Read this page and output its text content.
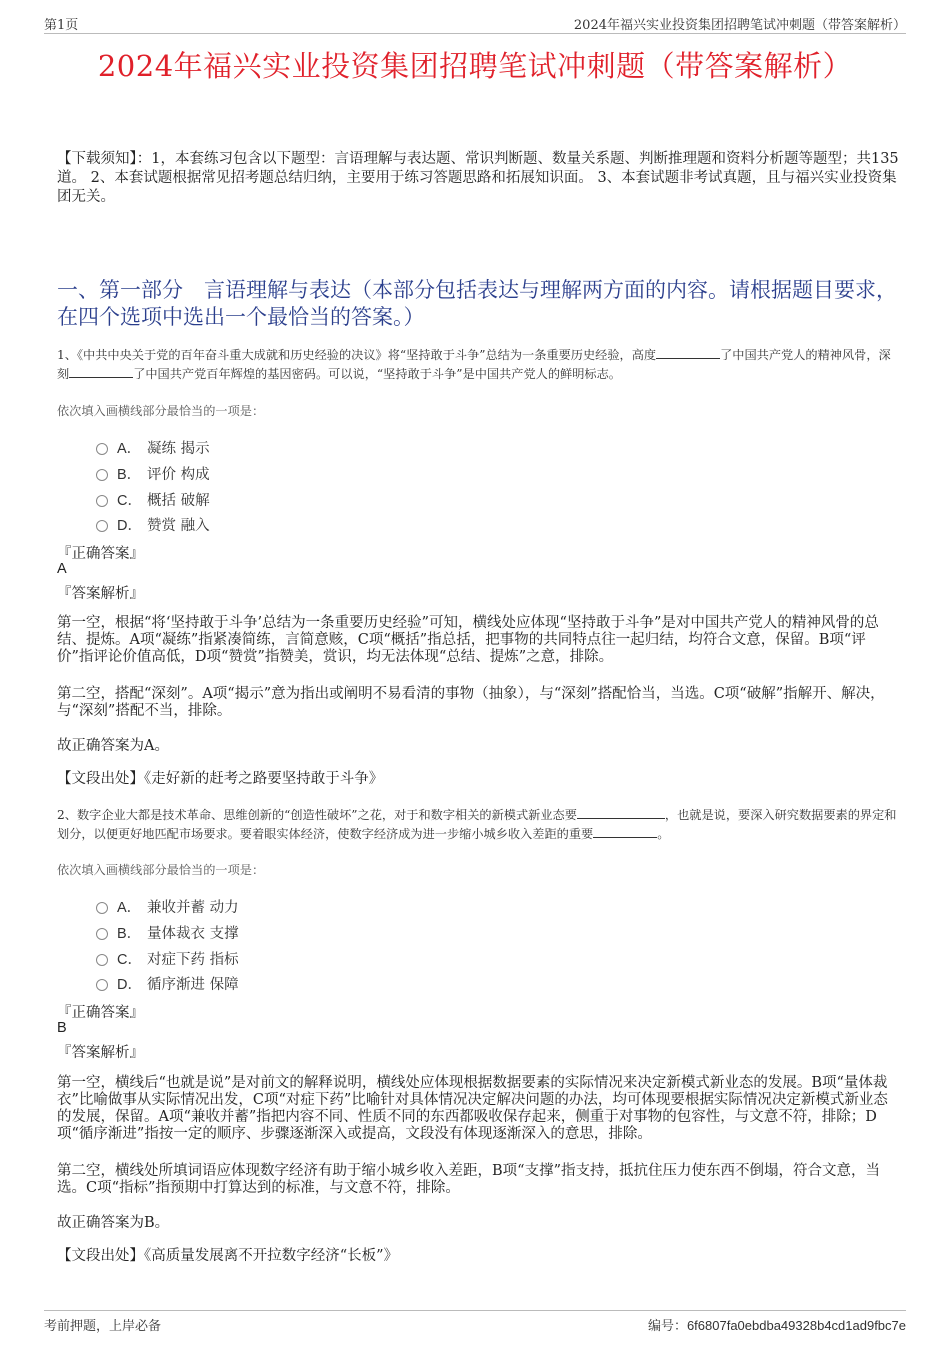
第1页	2024年福兴实业投资集团招聘笔试冲刺题（带答案解析）
2024年福兴实业投资集团招聘笔试冲刺题（带答案解析）
【下载须知】：1，本套练习包含以下题型：言语理解与表达题、常识判断题、数量关系题、判断推理题和资料分析题等题型；共135道。 2、本套试题根据常见招考题总结归纳，主要用于练习答题思路和拓展知识面。 3、本套试题非考试真题，且与福兴实业投资集团无关。
一、第一部分　言语理解与表达（本部分包括表达与理解两方面的内容。请根据题目要求，在四个选项中选出一个最恰当的答案。）
1、《中共中央关于党的百年奋斗重大成就和历史经验的决议》将“坚持敢于斗争”总结为一条重要历史经验，高度	了中国共产党人的精神风骨，深刻	了中国共产党百年辉煌的基因密码。可以说，“坚持敢于斗争”是中国共产党人的鲜明标志。
依次填入画横线部分最恰当的一项是：
A． 凝练 揭示
B． 评价 构成
C． 概括 破解
D． 赞赏 融入
『正确答案』
A
『答案解析』
第一空，根据“将‘坚持敢于斗争’总结为一条重要历史经验”可知，横线处应体现“坚持敢于斗争”是对中国共产党人的精神风骨的总结、提炼。A项“凝练”指紧凑简练，言简意赅，C项“概括”指总括，把事物的共同特点往一起归结，均符合文意，保留。B项“评价”指评论价值高低，D项“赞赏”指赞美，赏识，均无法体现“总结、提炼”之意，排除。
第二空，搭配“深刻”。A项“揭示”意为指出或阐明不易看清的事物（抽象），与“深刻”搭配恰当，当选。C项“破解”指解开、解决，与“深刻”搭配不当，排除。
故正确答案为A。
【文段出处】《走好新的赶考之路要坚持敢于斗争》
2、数字企业大都是技术革命、思维创新的“创造性破坏”之花，对于和数字相关的新模式新业态要	，也就是说，要深入研究数据要素的界定和划分，以便更好地匹配市场要求。要着眼实体经济，使数字经济成为进一步缩小城乡收入差距的重要	。
依次填入画横线部分最恰当的一项是：
A． 兼收并蓄 动力
B． 量体裁衣 支撑
C． 对症下药 指标
D． 循序渐进 保障
『正确答案』
B
『答案解析』
第一空，横线后“也就是说”是对前文的解释说明，横线处应体现根据数据要素的实际情况来决定新模式新业态的发展。B项“量体裁衣”比喻做事从实际情况出发，C项“对症下药”比喻针对具体情况决定解决问题的办法，均可体现要根据实际情况决定新模式新业态的发展，保留。A项“兼收并蓄”指把内容不同、性质不同的东西都吸收保存起来，侧重于对事物的包容性，与文意不符，排除；D项“循序渐进”指按一定的顺序、步骤逐渐深入或提高，文段没有体现逐渐深入的意思，排除。
第二空，横线处所填词语应体现数字经济有助于缩小城乡收入差距，B项“支撑”指支持，抵抗住压力使东西不倒塌，符合文意，当选。C项“指标”指预期中打算达到的标准，与文意不符，排除。
故正确答案为B。
【文段出处】《高质量发展离不开拉数字经济“长板”》
考前押题，上岸必备	编号：6f6807fa0ebdba49328b4cd1ad9fbc7e
